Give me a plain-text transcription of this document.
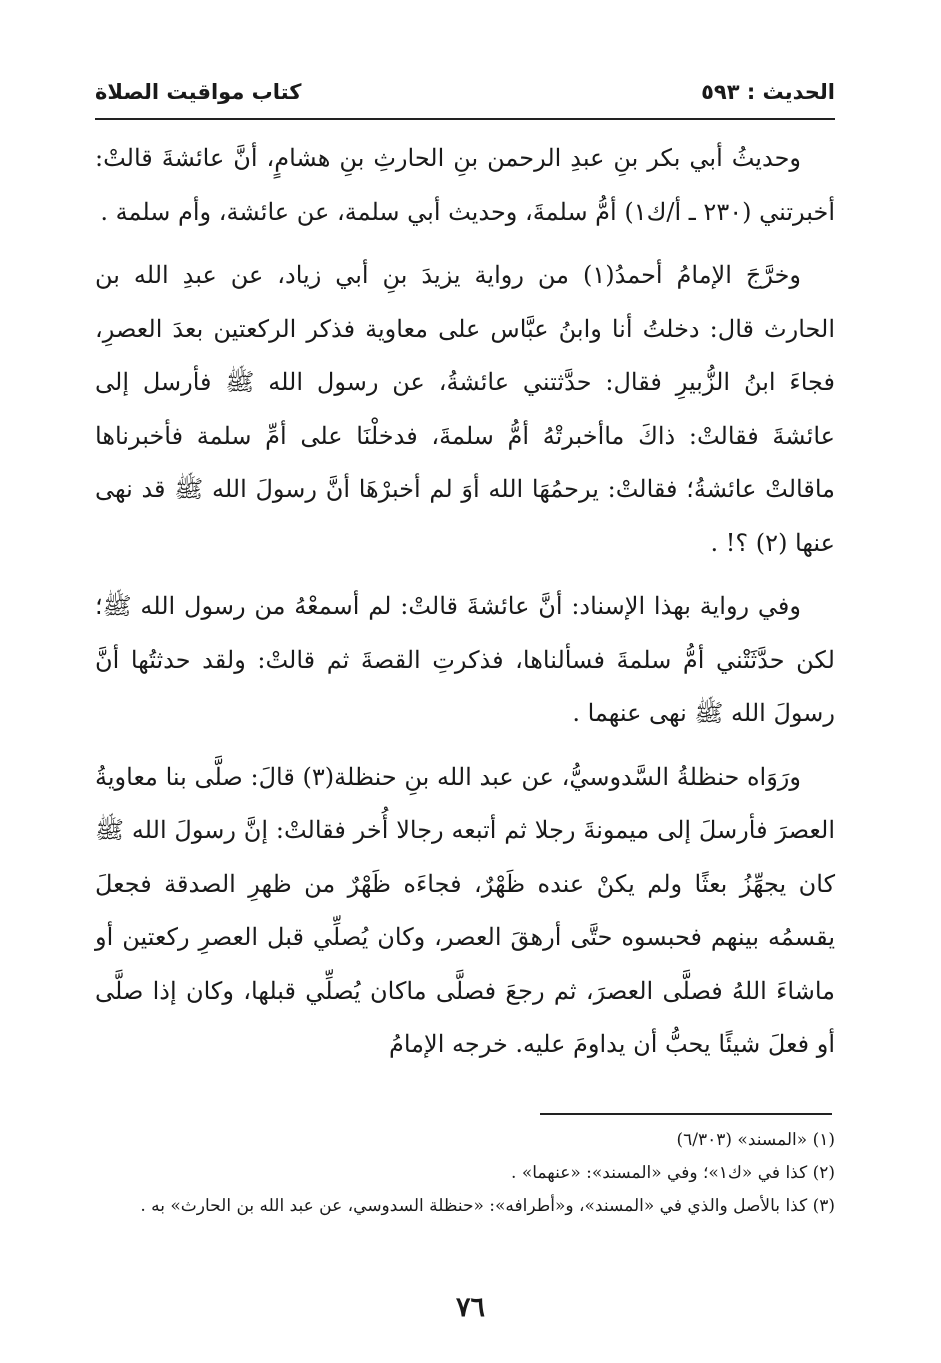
الحديث : ٥٩٣
كتاب مواقيت الصلاة

وحديثُ أبي بكر بنِ عبدِ الرحمن بنِ الحارثِ بنِ هشامٍ، أنَّ عائشةَ قالتْ: أخبرتني (٢٣٠ ـ أ/ك١) أمُّ سلمةَ، وحديث أبي سلمة، عن عائشة، وأم سلمة .

وخرَّجَ الإمامُ أحمدُ(١) من رواية يزيدَ بنِ أبي زياد، عن عبدِ الله بن الحارث قال: دخلتُ أنا وابنُ عبَّاس على معاوية فذكر الركعتين بعدَ العصرِ، فجاءَ ابنُ الزُّبيرِ فقال: حدَّثتني عائشةُ، عن رسول الله ﷺ فأرسل إلى عائشةَ فقالتْ: ذاكَ ماأخبرتْهُ أمُّ سلمةَ، فدخلْنَا على أمِّ سلمة فأخبرناها ماقالتْ عائشةُ؛ فقالتْ: يرحمُهَا الله أوَ لم أخبرْهَا أنَّ رسولَ الله ﷺ قد نهى عنها (٢) ؟! .

وفي رواية بهذا الإسناد: أنَّ عائشةَ قالتْ: لم أسمعْهُ من رسول الله ﷺ؛ لكن حدَّثَتْني أمُّ سلمةَ فسألناها، فذكرتِ القصةَ ثم قالتْ: ولقد حدثتُها أنَّ رسولَ الله ﷺ نهى عنهما .

ورَوَاه حنظلةُ السَّدوسيُّ، عن عبد الله بنِ حنظلة(٣) قالَ: صلَّى بنا معاويةُ العصرَ فأرسلَ إلى ميمونةَ رجلا ثم أتبعه رجالا أُخر فقالتْ: إنَّ رسولَ الله ﷺ كان يجهِّزُ بعثًا ولم يكنْ عنده ظَهْرٌ، فجاءَه ظَهْرٌ من ظهرِ الصدقة فجعلَ يقسمُه بينهم فحبسوه حتَّى أرهقَ العصر، وكان يُصلِّي قبل العصرِ ركعتين أو ماشاءَ اللهُ فصلَّى العصرَ، ثم رجعَ فصلَّى ماكان يُصلِّي قبلها، وكان إذا صلَّى أو فعلَ شيئًا يحبُّ أن يداومَ عليه. خرجه الإمامُ

(١) «المسند» (٦/٣٠٣)

(٢) كذا في «ك١»؛ وفي «المسند»: «عنهما» .

(٣) كذا بالأصل والذي في «المسند»، و«أطرافه»: «حنظلة السدوسي، عن عبد الله بن الحارث» به .

٧٦
